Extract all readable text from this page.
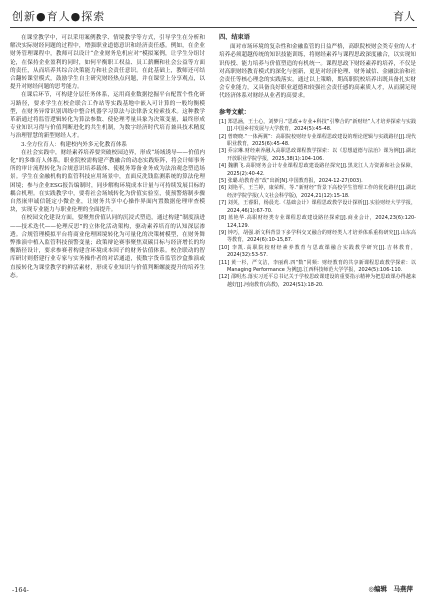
创新●育人●探索	育人

在课堂教学中，可以采用案例教学、情境教学等方式，引导学生在分析和解决实际财经问题的过程中，增强职业道德意识和经济责任感。例如，在企业财务管理课程中，教师可以设计“企业财务危机应对”模拟案例，让学生分组讨论，在保持企业盈利的同时，如何平衡职工权益、员工薪酬和社会公益等方面的责任，从而培养其综合决策能力和社会责任意识。在此基础上，教师还可结合翻转课堂模式，鼓励学生自主研究财经热点问题，并在课堂上分享观点，以提升对财经问题的思考能力。

在课后环节，可构建分层任务体系，运用商业数据挖掘平台配置个性化研习路径，要求学生在校企联合工作站等实践基地中嵌入可计算的一般均衡模型，在财务异常识别训练中整合机器学习算法与法律条文检索技术。这种教学革新通过将监管逻辑转化为算法参数、使伦理考量具象为决策变量，最终形成专业知识习得与价值判断进化的共生机制，为数字经济时代培育兼具技术精度与治理智慧的新型财经人才。

3.全方位育人：构建校内外多元化教育体系

在社会实践中，财经素养培养要突破校园边界，形成“场域诱导——价值内化”的多维育人体系。职业院校需构建产教融合的动态实践矩阵，将会计师事务所的审计流程转化为合规意识培养载体、使税务筹备业务成为法治观念塑造场景。学生在金融机构的监管科技应用场景中，直面反洗钱监测系统的算法伦理困境；参与企业ESG报告编制时，同步解构环境成本计量与可持续发展目标的耦合机理。在实践教学中，要将社会场域转化为价值实验室，使预警熔制步骤自然嵌审诚信链定小微企业，让财务共享中心操作界面内置数据伦理审查模块，实现专业能力与职业伦理的全面提升。

在校园文化建设方面，要聚焦价值认同的沉浸式塑造，通过构建“制度演进——技术迭代——伦理反思”的立体化活动架构，驱动素养培育的认知深层渗透。合规管理模拟平台将商业伦理困境转化为可量化的决策树模型，在财务舞弊推演中植入监管科技预警变量；政策辩论赛事聚焦双碳目标与经济增长的均衡路径设计，要求参赛者构建含环境成本因子的财务估值体系。校企联动的智库研讨则搭建行业专家与实务操作者的对话通道，使数字货币监管沙盒推演或直接转化为课堂教学的鲜活素材，形成专业知识与价值判断螺旋提升的培养生态。

四、结束语

面对市场环境的复杂性和金融监管的日益严格，高职院校财会类专业的人才培养必须超越传统的知识技能训练，将财经素养与课程思政深度融合，以实现知识传授、能力培养与价值塑造的有机统一。课程思政下财经素养的培养，不仅是对高职财经教育模式的深化与创新，更是对经济伦理、财务诚信、金融法治和社会责任等核心理念的实践落实。通过以上策略，期高职院校培养出既具备扎实财会专业能力，又具备良好职业道德和较强社会责任感的高素质人才，从而满足现代经济体系对财经从业者的高要求。

参考文献：
[1] 郑思涵，王士心，刘梦月.“思政+专业+科技”引擎合的“新财经”人才培养探索与实践[J].中国乡村发展与大学教育，2024(5):45-48.
[2] 曾晓晓.“一体两翼”：高职院校财经专业课程思政建设的理论逻辑与实践路径[J].现代职业教育，2025(6):45-48.
[3] 乔宗琳.财经素养融入高职思政课程教学探索：以《思想道德与法治》课为例[J].湖北开放职业学院学报，2025,38(1):104-106.
[4] 魏鹏飞.高职财务会计专业课程思政建设路径探究[J].黑龙江人力资源和社会保障，2025(2):40-42.
[5] 张璐.给教育者“改”出新[N].中国教育报，2024-12-27(003).
[6] 刘艳平，王兰婷，康荣辉，等.“新财经”背景下高校学生管理工作的优化路径[J].湖北经济学院学报(人文社会科学版)，2024,21(12):15-18.
[7] 刘英，王睿阳，杨晨光.《基础会计》课程思政教学设计探析[J].实验财经大学学报，2024,46(1):67-70.
[8] 蓝艳华.高职财经类专业课程思政建设路径探索[J].商业会计，2024,23(6):120-124,129.
[9] 钟巧，胡强.新文科背景下多学科交叉融合的财经类人才培养体系重构研究[J].山东高等教育，2024(6):10-15,87.
[10] 李凯.高职院校财经素养教育与思政课融合实践教学研究[J].吉林教育，2024(32):53-57.
[11] 黄一杉，严文洁，李丽莉.四“数”同频：财经教育的共享新课程思政教学探索：以 Managing Performance 为例[J].江西科技师范大学学报，2024(5):106-110.
[12] 邵明杰.落实习近平总书记关于学校思政课建设的重要指示精神为把思政课办得越来越好[J].河南教育(高教)，2024(S1):18-20.
-164-	◎编辑　马燕萍
